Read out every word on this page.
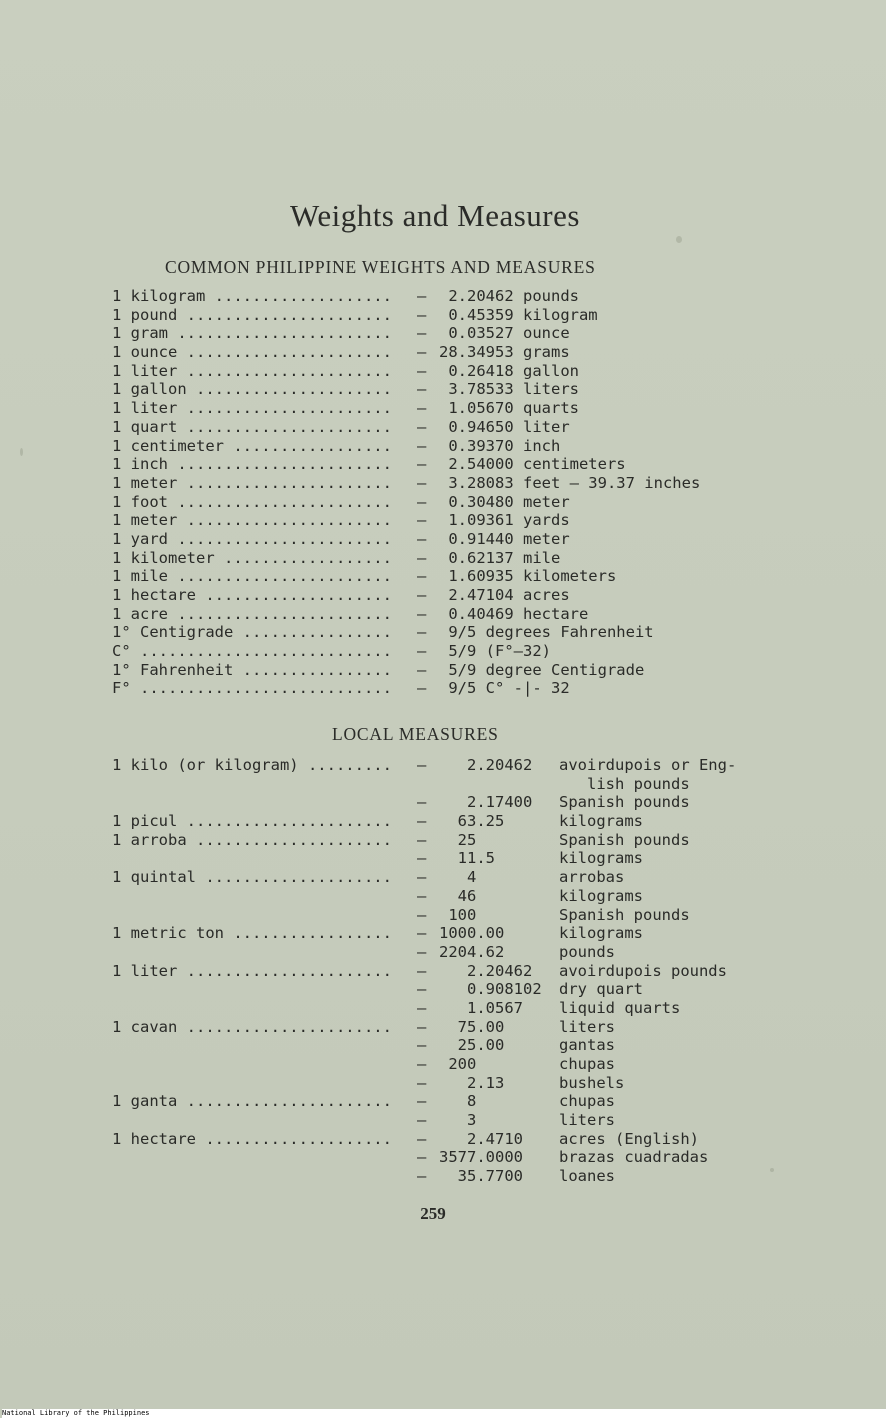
Weights and Measures
COMMON PHILIPPINE WEIGHTS AND MEASURES
1 kilogram ...................	— 2.20462 pounds
1 pound ......................	— 0.45359 kilogram
1 gram .......................	— 0.03527 ounce
1 ounce ......................	— 28.34953 grams
1 liter ......................	— 0.26418 gallon
1 gallon .....................	— 3.78533 liters
1 liter ......................	— 1.05670 quarts
1 quart ......................	— 0.94650 liter
1 centimeter .................	— 0.39370 inch
1 inch .......................	— 2.54000 centimeters
1 meter ......................	— 3.28083 feet — 39.37 inches
1 foot .......................	— 0.30480 meter
1 meter ......................	— 1.09361 yards
1 yard .......................	— 0.91440 meter
1 kilometer ..................	— 0.62137 mile
1 mile .......................	— 1.60935 kilometers
1 hectare ....................	— 2.47104 acres
1 acre .......................	— 0.40469 hectare
1° Centigrade ................	— 9/5 degrees Fahrenheit
C° ...........................	— 5/9 (F°—32)
1° Fahrenheit ................	— 5/9 degree Centigrade
F° ...........................	— 9/5 C° -|- 32
LOCAL MEASURES
1 kilo (or kilogram) .........	— 2.20462	avoirdupois or Eng-
lish pounds
— 2.17400	Spanish pounds
1 picul ......................	— 63.25	kilograms
1 arroba .....................	— 25	Spanish pounds
— 11.5	kilograms
1 quintal ....................	— 4	arrobas
— 46	kilograms
— 100	Spanish pounds
1 metric ton .................	— 1000.00	kilograms
— 2204.62	pounds
1 liter ......................	— 2.20462	avoirdupois pounds
— 0.908102	dry quart
— 1.0567	liquid quarts
1 cavan ......................	— 75.00	liters
— 25.00	gantas
— 200	chupas
— 2.13	bushels
1 ganta ......................	— 8	chupas
— 3	liters
1 hectare ....................	— 2.4710	acres (English)
— 3577.0000	brazas cuadradas
— 35.7700	loanes
259
National Library of the Philippines
